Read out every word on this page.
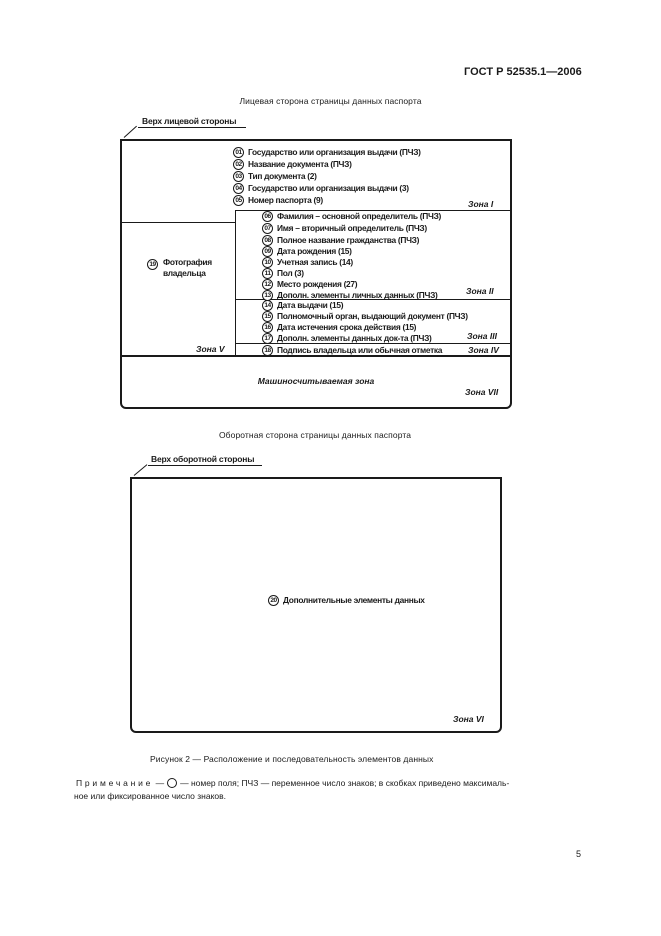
ГОСТ Р 52535.1—2006
Лицевая сторона страницы данных паспорта
Верх лицевой стороны
01 Государство или организация выдачи (ПЧЗ)
02 Название документа (ПЧЗ)
03 Тип документа (2)
04 Государство или организация выдачи (3)
05 Номер паспорта (9)	Зона I
19 Фотография
владельца
Зона V
06 Фамилия – основной определитель (ПЧЗ)
07 Имя – вторичный определитель (ПЧЗ)
08 Полное название гражданства (ПЧЗ)
09 Дата рождения (15)
10 Учетная запись (14)
11 Пол (3)
12 Место рождения (27)
13 Дополн. элементы личных данных (ПЧЗ)	Зона II
14 Дата выдачи (15)
15 Полномочный орган, выдающий документ (ПЧЗ)
16 Дата истечения срока действия (15)
17 Дополн. элементы данных док-та (ПЧЗ)	Зона III
18 Подпись владельца или обычная отметка	Зона IV
Машиносчитываемая зона
Зона VII
Оборотная сторона страницы данных паспорта
Верх оборотной стороны
20 Дополнительные элементы данных
Зона VI
Рисунок 2 — Расположение и последовательность элементов данных
Примечание — — номер поля; ПЧЗ — переменное число знаков; в скобках приведено максималь-
ное или фиксированное число знаков.
5
